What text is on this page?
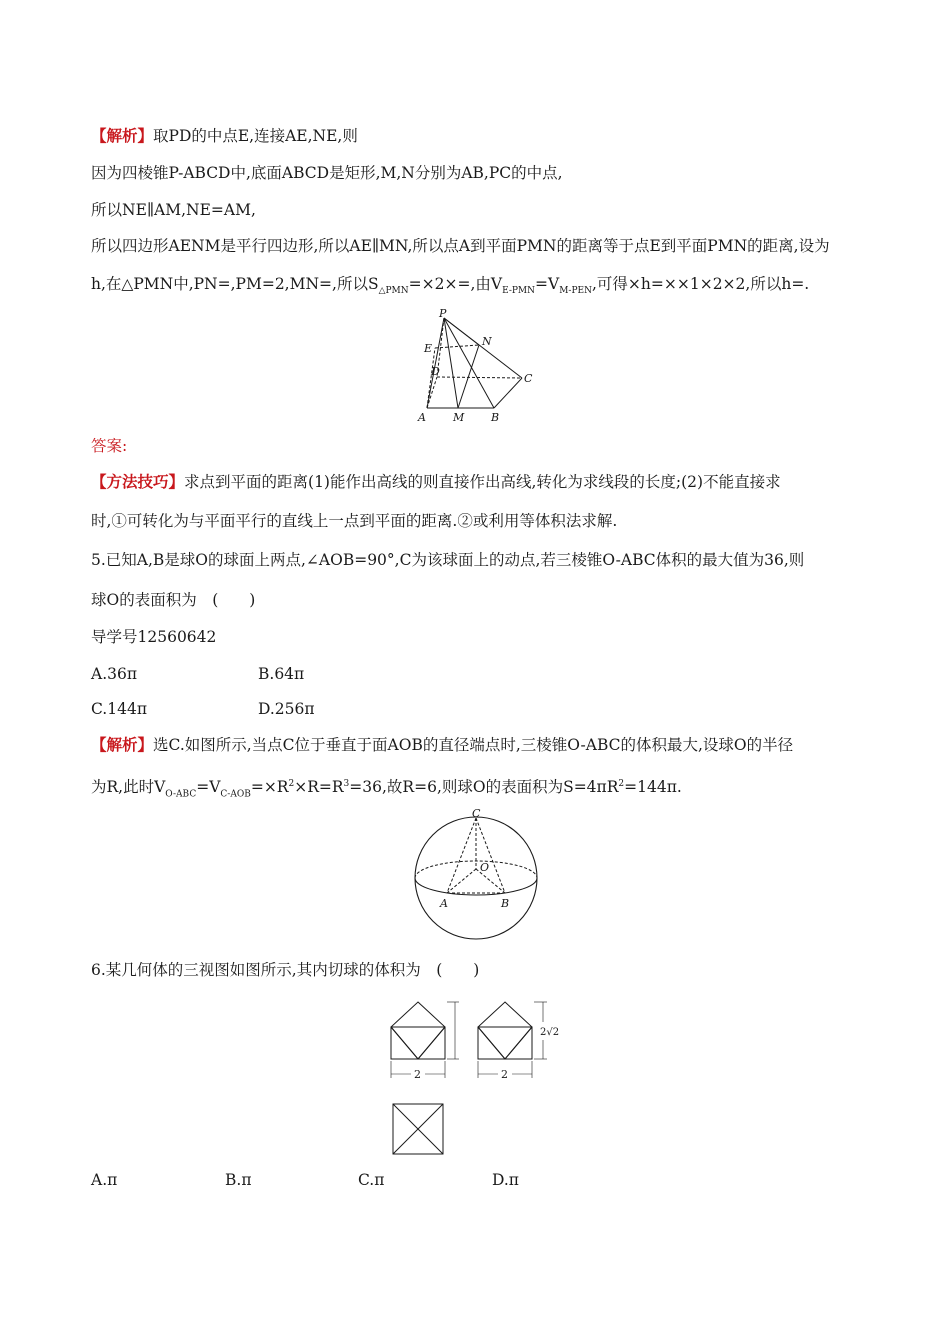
【解析】取PD的中点E,连接AE,NE,则
因为四棱锥P-ABCD中,底面ABCD是矩形,M,N分别为AB,PC的中点,
所以NE∥AM,NE=AM,
所以四边形AENM是平行四边形,所以AE∥MN,所以点A到平面PMN的距离等于点E到平面PMN的距离,设为
h,在△PMN中,PN=,PM=2,MN=,所以$S_{\triangle PMN}=\times 2\times=$,由$V_{E-PMN}=V_{M-PEN}$,可得×h=××1×2×2,所以h=.
P
E
N
D
C
A M B
答案:
【方法技巧】求点到平面的距离(1)能作出高线的则直接作出高线,转化为求线段的长度;(2)不能直接求
时,①可转化为与平面平行的直线上一点到平面的距离.②或利用等体积法求解.
5.已知A,B是球O的球面上两点,∠AOB=90°,C为该球面上的动点,若三棱锥O-ABC体积的最大值为36,则
球O的表面积为　(　　)
导学号12560642
A.36π	B.64π
C.144π	D.256π
【解析】选C.如图所示,当点C位于垂直于面AOB的直径端点时,三棱锥O-ABC的体积最大,设球O的半径
为R,此时$V_{O-ABC}=V_{C-AOB}=\times R^2\times R=R^3=36$,故R=6,则球O的表面积为$S=4\pi R^2=144\pi$.
C
O
A	B
6.某几何体的三视图如图所示,其内切球的体积为　(　　)
2	2
2√2
A.π	B.π	C.π	D.π
